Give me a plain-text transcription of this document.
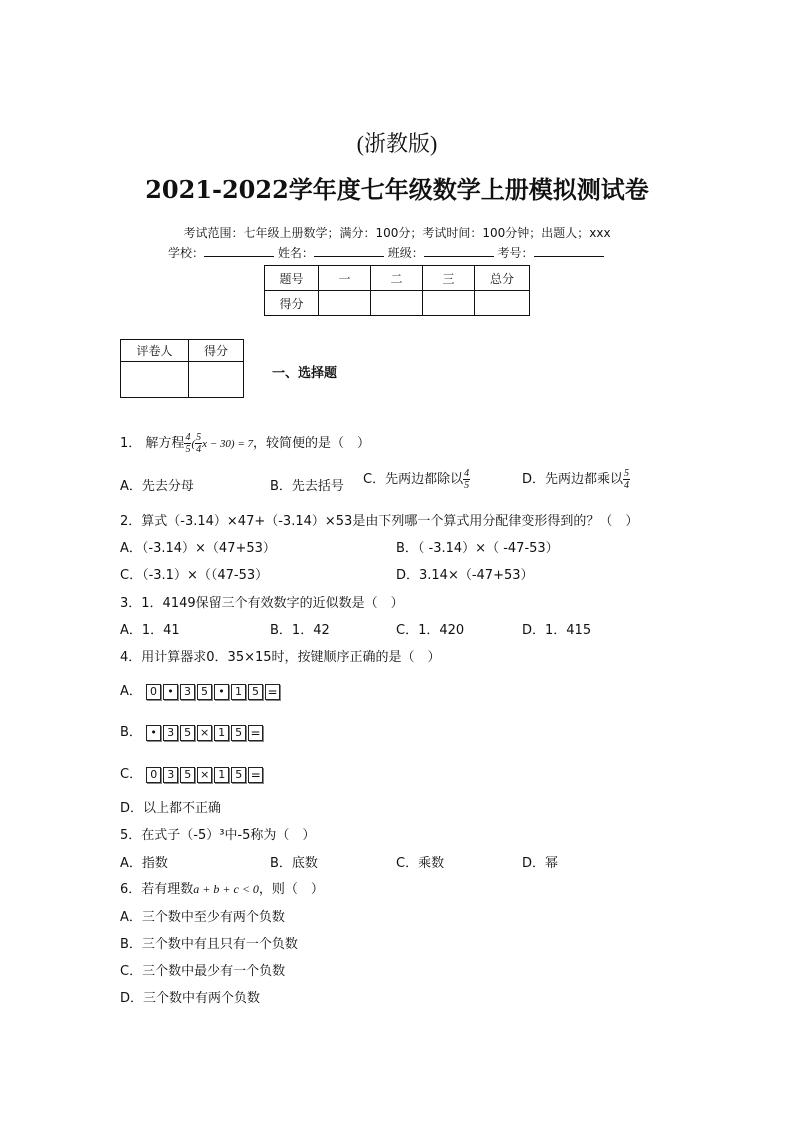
(浙教版)
2021-2022学年度七年级数学上册模拟测试卷
考试范围：七年级上册数学；满分：100分；考试时间：100分钟；出题人；xxx
学校：	姓名：	班级：	考号：
题号	一	二	三	总分
得分				
评卷人	得分

一、选择题
1． 解方程 $\frac{4}{5}$ ( $\frac{5}{4}$ x − 30) = 7，较简便的是（　）
A．先去分母	B．先去括号 C．先两边都除以 $\frac{4}{5}$	D．先两边都乘以 $\frac{5}{4}$
2．算式（-3.14）×47+（-3.14）×53是由下列哪一个算式用分配律变形得到的？（　）
A．（-3.14）×（47+53）	B．（ -3.14）×（ -47-53）
C．（-3.1）×（（47-53）	D．3.14×（-47+53）
3．1．4149保留三个有效数字的近似数是（　）
A．1．41	B．1．42	C．1．420	D．1．415
4．用计算器求0．35×15时，按键顺序正确的是（　）
A． 0 • 3 5 • 1 5 =
B． • 3 5 × 1 5 =
C． 0 3 5 × 1 5 =
D．以上都不正确
5．在式子（-5）³中-5称为（　）
A．指数	B．底数	C．乘数	D．幂
6．若有理数a + b + c < 0，则（　）
A．三个数中至少有两个负数
B．三个数中有且只有一个负数
C．三个数中最少有一个负数
D．三个数中有两个负数
